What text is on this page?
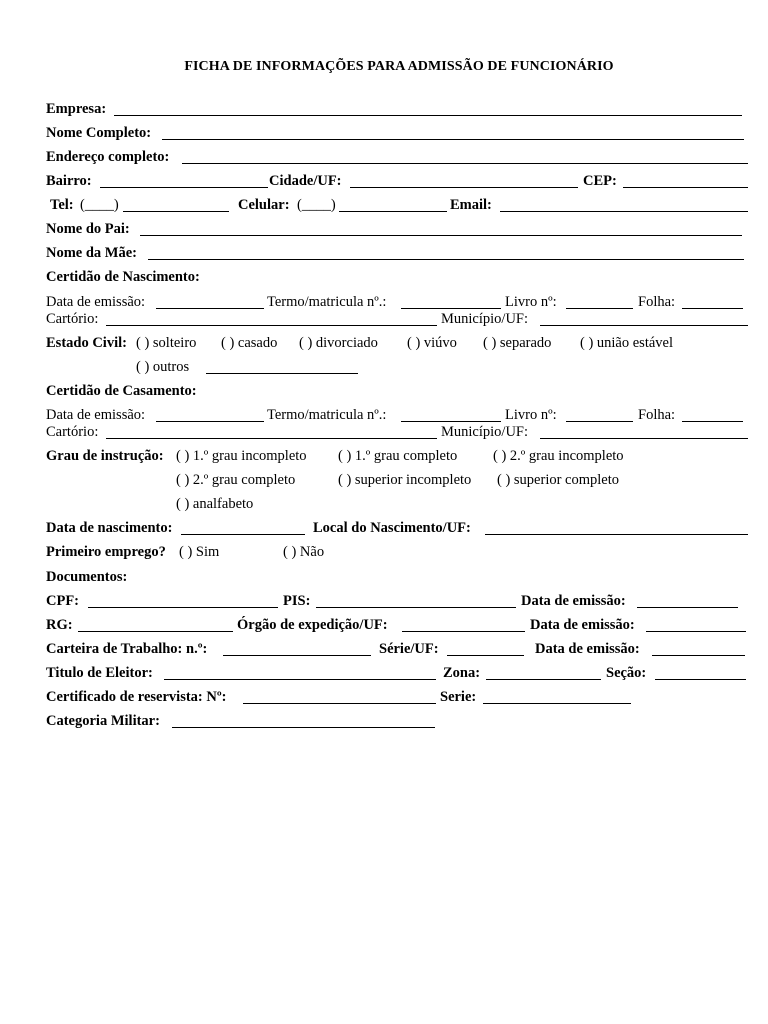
FICHA DE INFORMAÇÕES PARA ADMISSÃO DE FUNCIONÁRIO
Empresa:
Nome Completo:
Endereço completo:
Bairro:	Cidade/UF:	CEP:
Tel: (____)	Celular: (____)	Email:
Nome do Pai:
Nome da Mãe:
Certidão de Nascimento:
Data de emissão:	Termo/matricula nº.:	Livro nº:	Folha:
Cartório:	Município/UF:
Estado Civil: ( ) solteiro ( ) casado ( ) divorciado ( ) viúvo ( ) separado ( ) união estável
( ) outros
Certidão de Casamento:
Data de emissão:	Termo/matricula nº.:	Livro nº:	Folha:
Cartório:	Município/UF:
Grau de instrução: ( ) 1.º grau incompleto ( ) 1.º grau completo ( ) 2.º grau incompleto
( ) 2.º grau completo	( ) superior incompleto ( ) superior completo
( ) analfabeto
Data de nascimento:	Local do Nascimento/UF:
Primeiro emprego? ( ) Sim	( ) Não
Documentos:
CPF:	PIS:	Data de emissão:
RG:	Órgão de expedição/UF:	Data de emissão:
Carteira de Trabalho: n.º:	Série/UF:	Data de emissão:
Titulo de Eleitor:	Zona:	Seção:
Certificado de reservista: Nº:	Serie:
Categoria Militar:
